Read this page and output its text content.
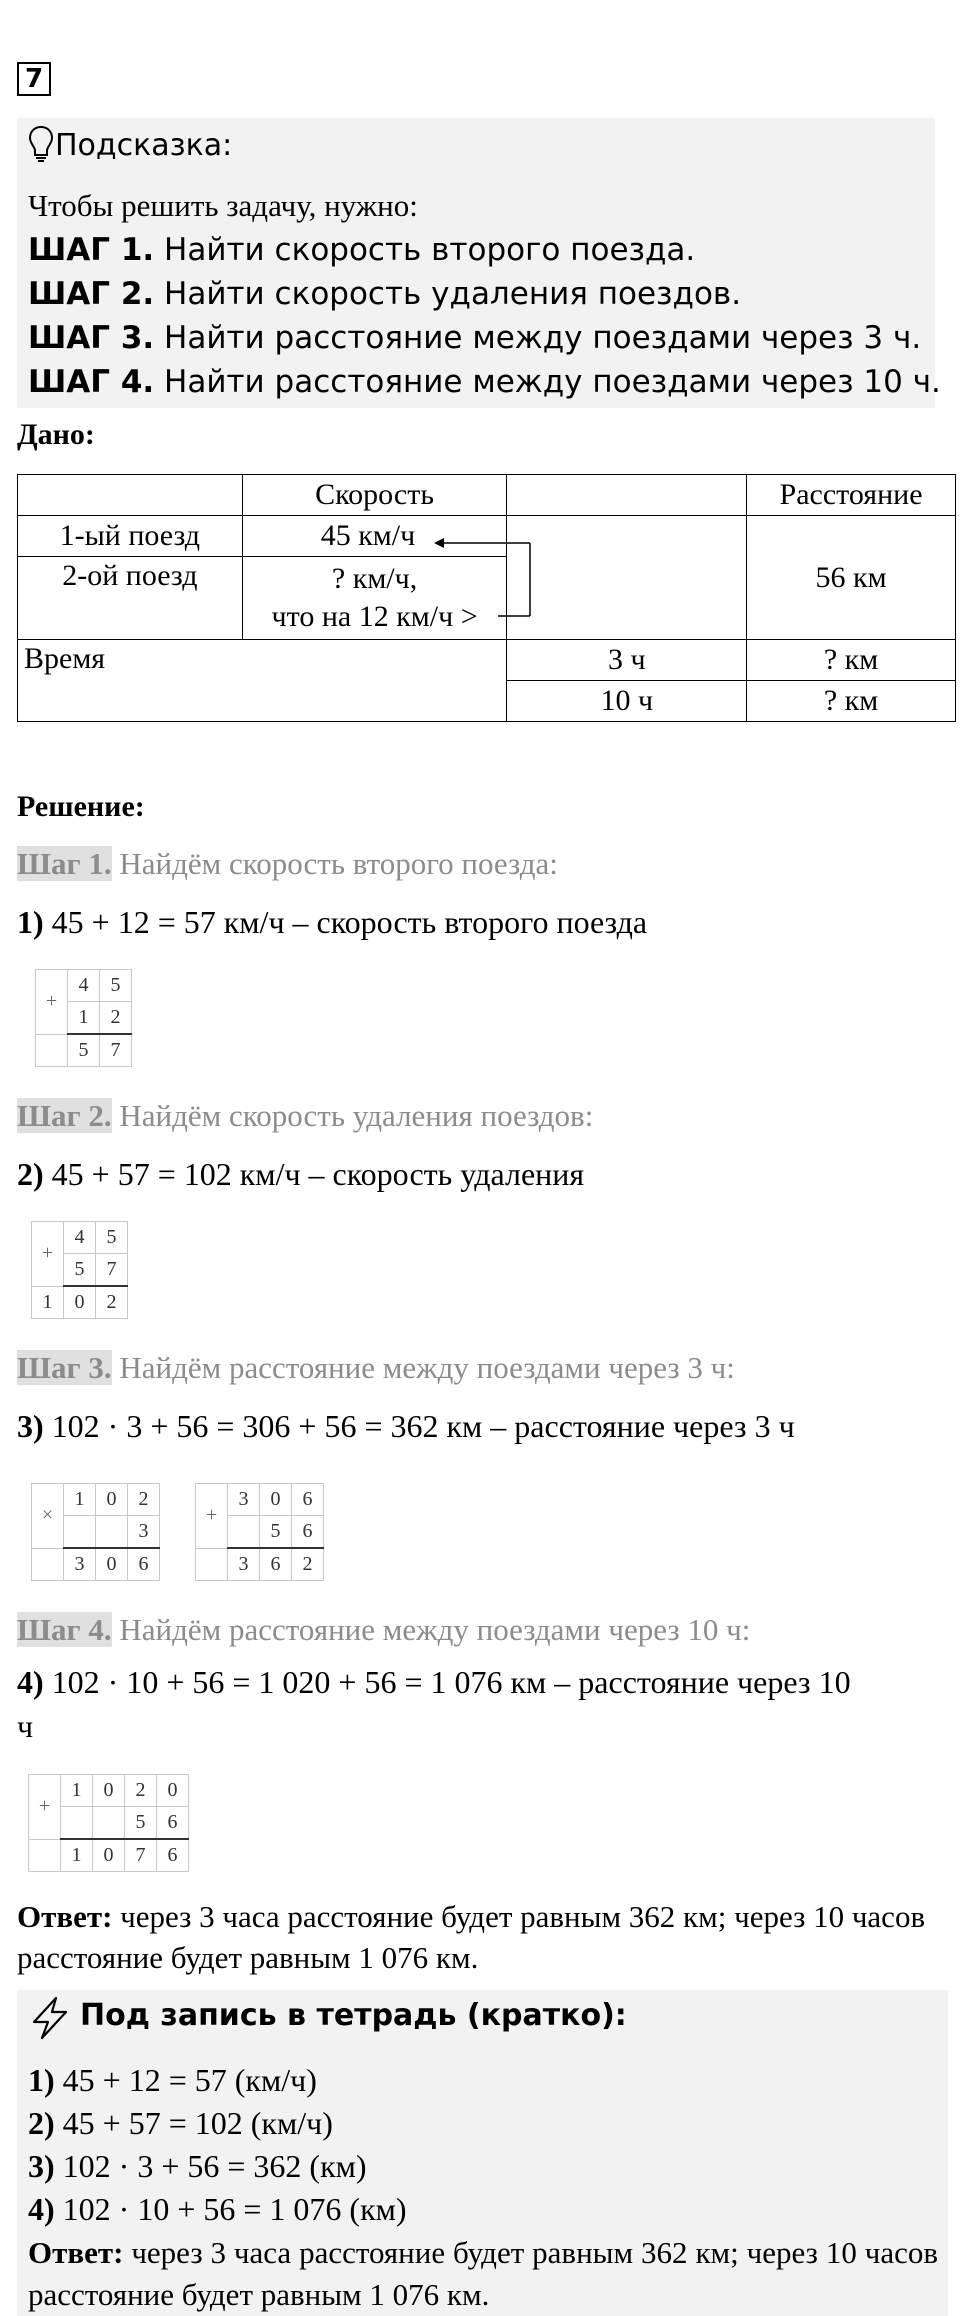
7
Подсказка:
Чтобы решить задачу, нужно:
ШАГ 1. Найти скорость второго поезда.
ШАГ 2. Найти скорость удаления поездов.
ШАГ 3. Найти расстояние между поездами через 3 ч.
ШАГ 4. Найти расстояние между поездами через 10 ч.
Дано:
	Скорость		Расстояние
1-ый поезд	45 км/ч		56 км
2-ой поезд	? км/ч,
что на 12 км/ч >		

Время		3 ч	? км
		10 ч	? км
Решение:
Шаг 1. Найдём скорость второго поезда:
1) 45 + 12 = 57 км/ч – скорость второго поезда
+	4	5
	1	2
	5	7
Шаг 2. Найдём скорость удаления поездов:
2) 45 + 57 = 102 км/ч – скорость удаления
+	4	5
	5	7
1	0	2
Шаг 3. Найдём расстояние между поездами через 3 ч:
3) 102 · 3 + 56 = 306 + 56 = 362 км – расстояние через 3 ч
×	1	0	2
			3
	3	0	6
+	3	0	6
		5	6
	3	6	2
Шаг 4. Найдём расстояние между поездами через 10 ч:
4) 102 · 10 + 56 = 1 020 + 56 = 1 076 км – расстояние через 10
ч
+	1	0	2	0
			5	6
	1	0	7	6
Ответ: через 3 часа расстояние будет равным 362 км; через 10 часов расстояние будет равным 1 076 км.
Под запись в тетрадь (кратко):
1) 45 + 12 = 57 (км/ч)
2) 45 + 57 = 102 (км/ч)
3) 102 · 3 + 56 = 362 (км)
4) 102 · 10 + 56 = 1 076 (км)
Ответ: через 3 часа расстояние будет равным 362 км; через 10 часов расстояние будет равным 1 076 км.
